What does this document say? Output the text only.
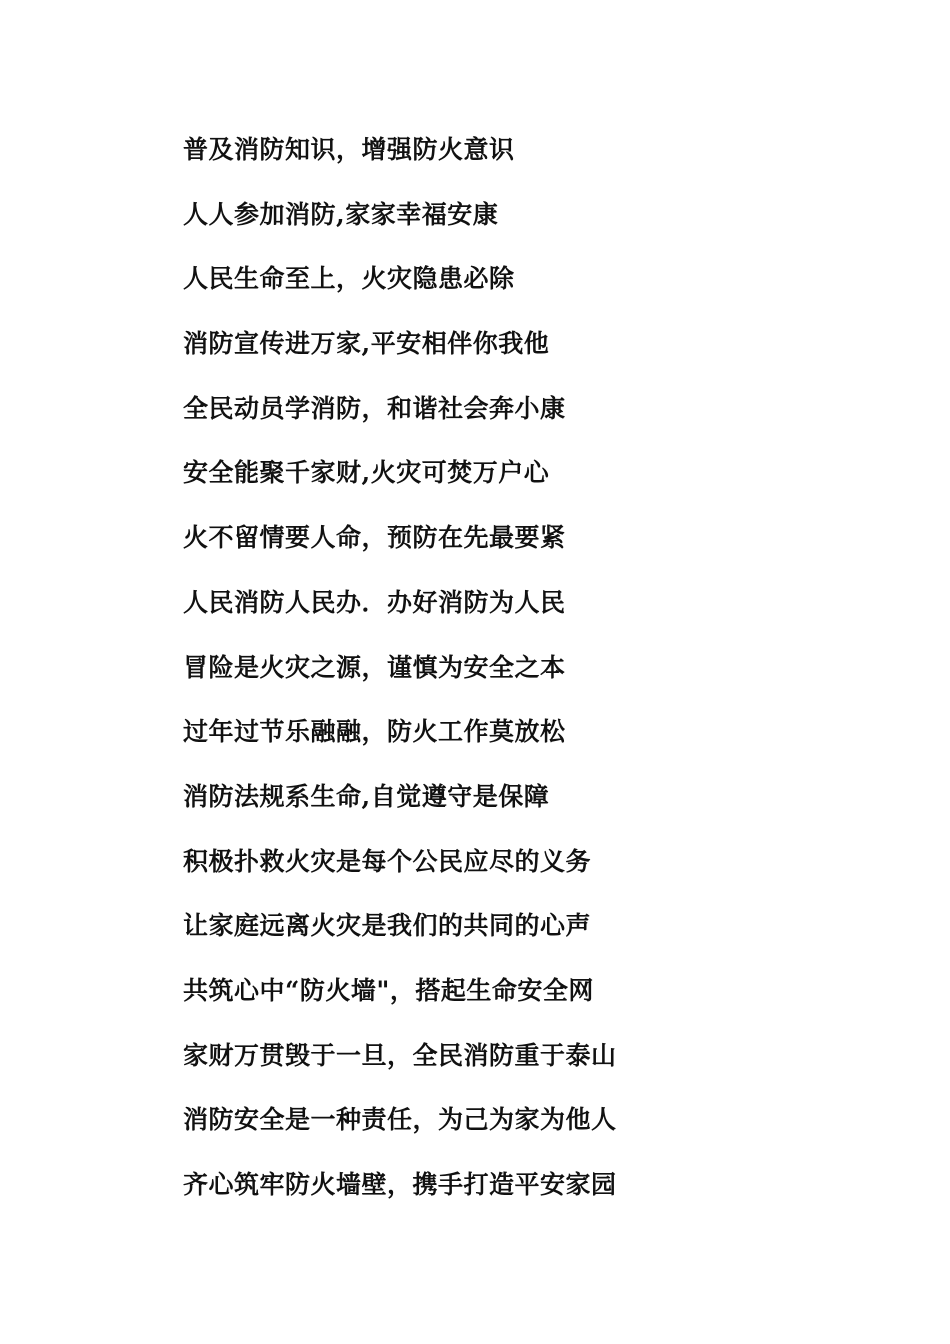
普及消防知识，增强防火意识
人人参加消防,家家幸福安康
人民生命至上，火灾隐患必除
消防宣传进万家,平安相伴你我他
全民动员学消防，和谐社会奔小康
安全能聚千家财,火灾可焚万户心
火不留情要人命，预防在先最要紧
人民消防人民办．办好消防为人民
冒险是火灾之源，谨慎为安全之本
过年过节乐融融，防火工作莫放松
消防法规系生命,自觉遵守是保障
积极扑救火灾是每个公民应尽的义务
让家庭远离火灾是我们的共同的心声
共筑心中“防火墙"，搭起生命安全网
家财万贯毁于一旦，全民消防重于泰山
消防安全是一种责任，为己为家为他人
齐心筑牢防火墙壁，携手打造平安家园
